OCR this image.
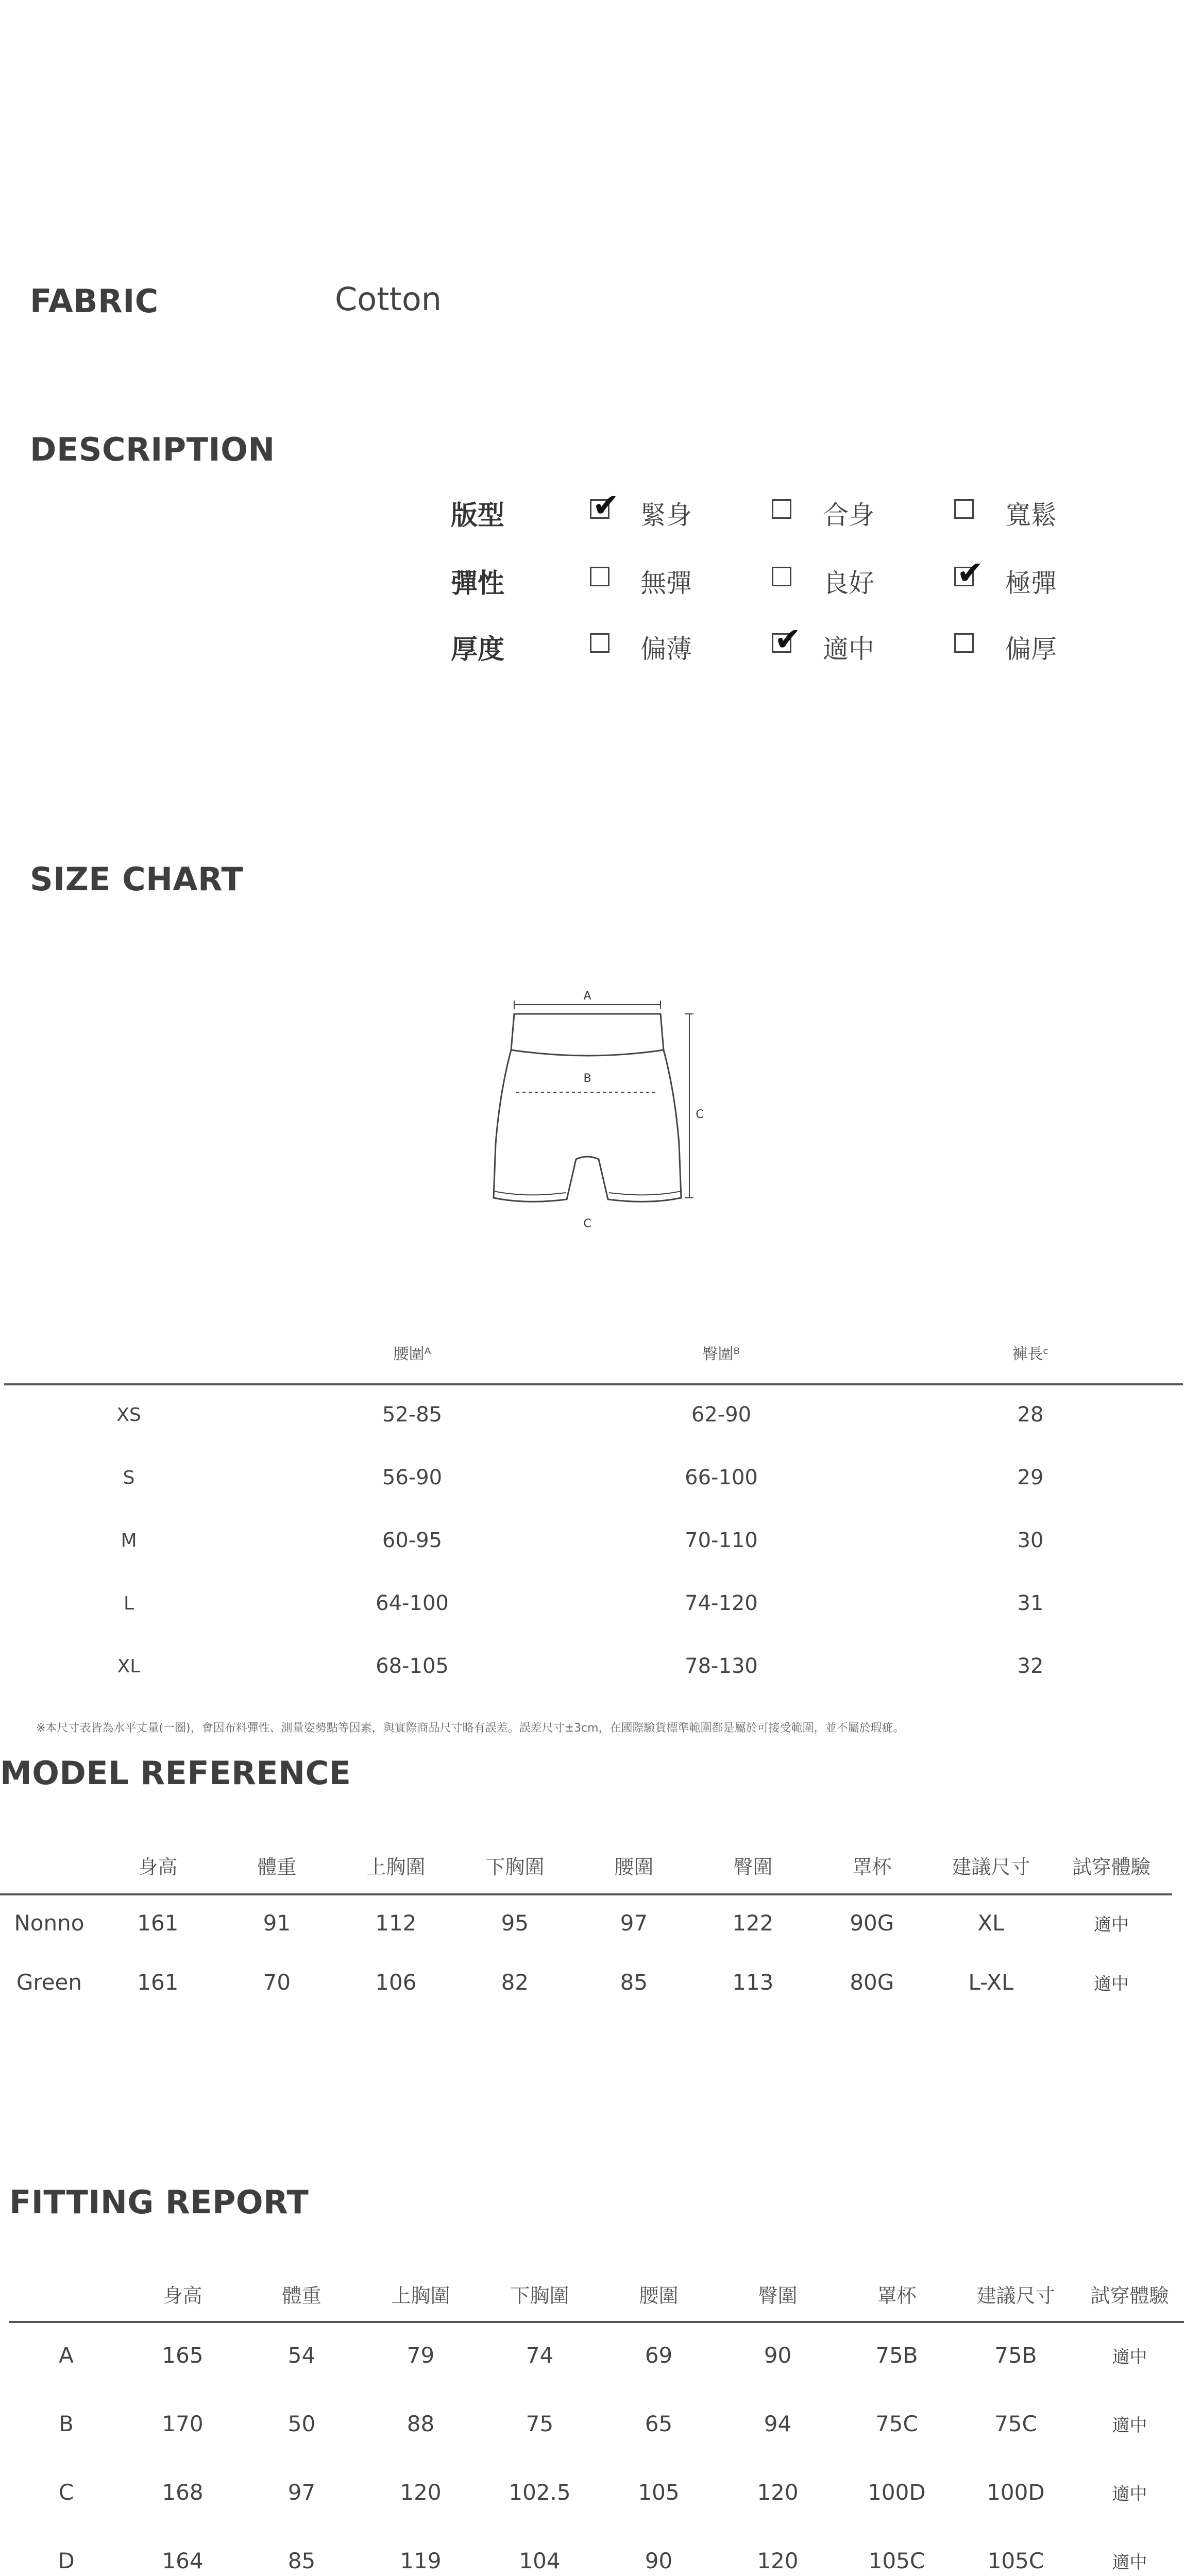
FABRIC	Cotton
DESCRIPTION
版型	✔ 緊身	合身	寬鬆
彈性	無彈	良好	✔ 極彈
厚度	偏薄	✔ 適中	偏厚
SIZE CHART
A
B
C
C
	腰圍ᴬ	臀圍ᴮ	褲長ᶜ
XS	52-85	62-90	28
S	56-90	66-100	29
M	60-95	70-110	30
L	64-100	74-120	31
XL	68-105	78-130	32
※本尺寸表皆為水平丈量(一圈)，會因布料彈性、測量姿勢點等因素，與實際商品尺寸略有誤差。誤差尺寸±3cm，在國際驗貨標準範圍都是屬於可接受範圍，並不屬於瑕疵。
MODEL REFERENCE
	身高	體重	上胸圍	下胸圍	腰圍	臀圍	罩杯	建議尺寸	試穿體驗
Nonno	161	91	112	95	97	122	90G	XL	適中
Green	161	70	106	82	85	113	80G	L-XL	適中
FITTING REPORT
	身高	體重	上胸圍	下胸圍	腰圍	臀圍	罩杯	建議尺寸	試穿體驗
A	165	54	79	74	69	90	75B	75B	適中
B	170	50	88	75	65	94	75C	75C	適中
C	168	97	120	102.5	105	120	100D	100D	適中
D	164	85	119	104	90	120	105C	105C	適中
